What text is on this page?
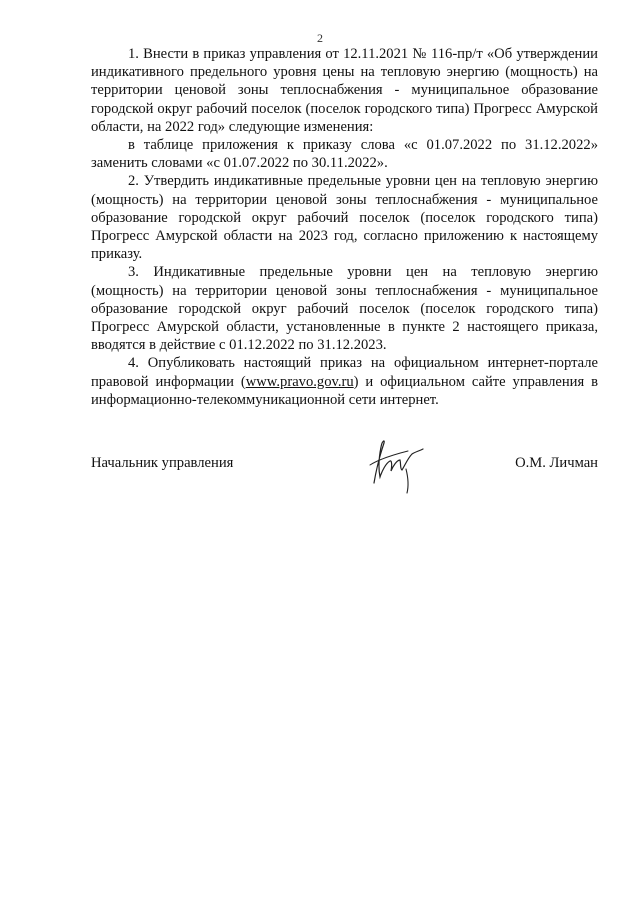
2

1. Внести в приказ управления от 12.11.2021 № 116-пр/т «Об утверждении индикативного предельного уровня цены на тепловую энергию (мощность) на территории ценовой зоны теплоснабжения - муниципальное образование городской округ рабочий поселок (поселок городского типа) Прогресс Амурской области, на 2022 год» следующие изменения:

в таблице приложения к приказу слова «с 01.07.2022 по 31.12.2022» заменить словами «с 01.07.2022 по 30.11.2022».

2. Утвердить индикативные предельные уровни цен на тепловую энергию (мощность) на территории ценовой зоны теплоснабжения - муниципальное образование городской округ рабочий поселок (поселок городского типа) Прогресс Амурской области на 2023 год, согласно приложению к настоящему приказу.

3. Индикативные предельные уровни цен на тепловую энергию (мощность) на территории ценовой зоны теплоснабжения - муниципальное образование городской округ рабочий поселок (поселок городского типа) Прогресс Амурской области, установленные в пункте 2 настоящего приказа, вводятся в действие с 01.12.2022 по 31.12.2023.

4. Опубликовать настоящий приказ на официальном интернет-портале правовой информации (www.pravo.gov.ru) и официальном сайте управления в информационно-телекоммуникационной сети интернет.

Начальник управления	О.М. Личман
